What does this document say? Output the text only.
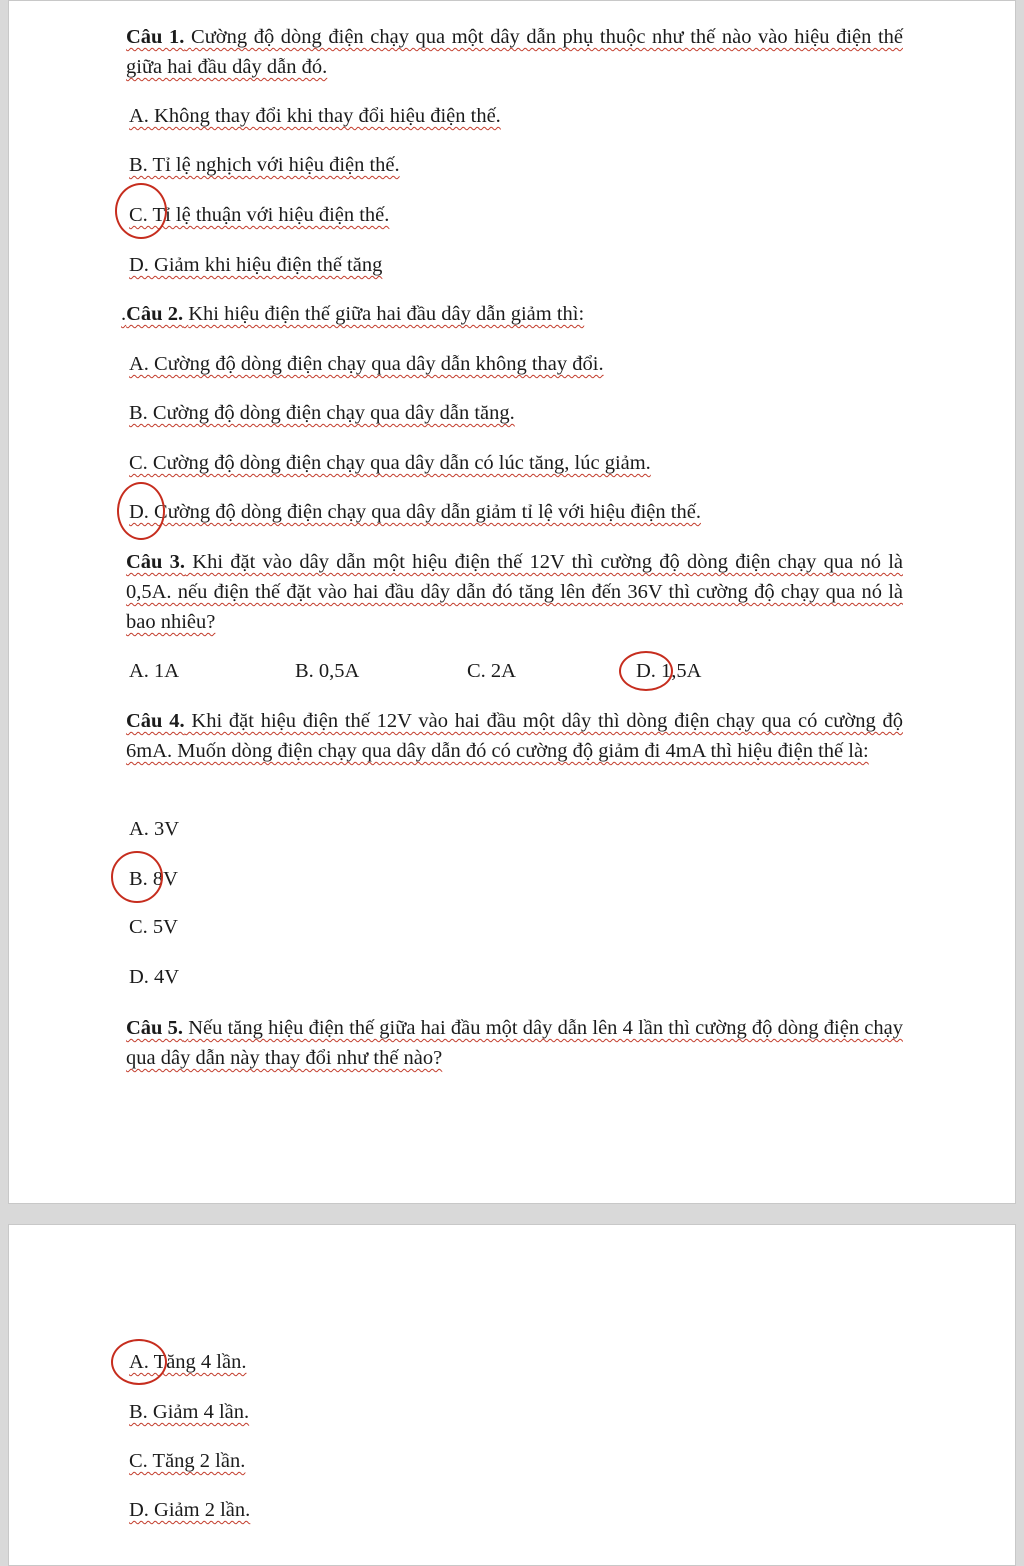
Câu 1. Cường độ dòng điện chạy qua một dây dẫn phụ thuộc như thế nào vào hiệu điện thế giữa hai đầu dây dẫn đó.
A. Không thay đổi khi thay đổi hiệu điện thế.
B. Tỉ lệ nghịch với hiệu điện thế.
C. Tỉ lệ thuận với hiệu điện thế.
D. Giảm khi hiệu điện thế tăng
.Câu 2. Khi hiệu điện thế giữa hai đầu dây dẫn giảm thì:
A. Cường độ dòng điện chạy qua dây dẫn không thay đổi.
B. Cường độ dòng điện chạy qua dây dẫn tăng.
C. Cường độ dòng điện chạy qua dây dẫn có lúc tăng, lúc giảm.
D. Cường độ dòng điện chạy qua dây dẫn giảm tỉ lệ với hiệu điện thế.
Câu 3. Khi đặt vào dây dẫn một hiệu điện thế 12V thì cường độ dòng điện chạy qua nó là 0,5A. nếu điện thế đặt vào hai đầu dây dẫn đó tăng lên đến 36V thì cường độ chạy qua nó là bao nhiêu?
A. 1A	B. 0,5A	C. 2A	D. 1,5A
Câu 4. Khi đặt hiệu điện thế 12V vào hai đầu một dây thì dòng điện chạy qua có cường độ 6mA. Muốn dòng điện chạy qua dây dẫn đó có cường độ giảm đi 4mA thì hiệu điện thế là:
A. 3V
B. 8V
C. 5V
D. 4V
Câu 5. Nếu tăng hiệu điện thế giữa hai đầu một dây dẫn lên 4 lần thì cường độ dòng điện chạy qua dây dẫn này thay đổi như thế nào?
A. Tăng 4 lần.
B. Giảm 4 lần.
C. Tăng 2 lần.
D. Giảm 2 lần.
